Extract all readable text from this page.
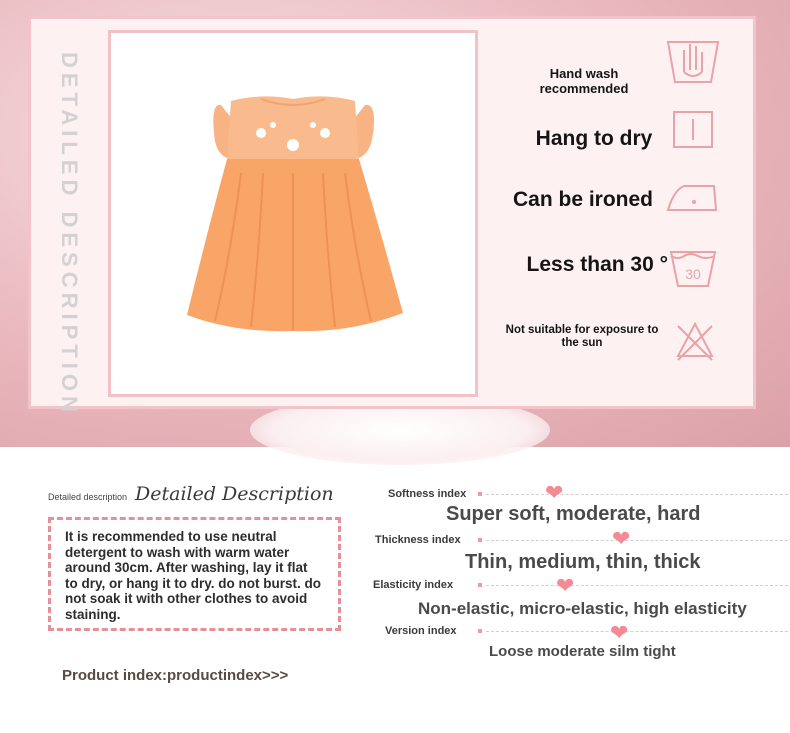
DETAILED DESCRIPTION	Hand wash
recommended
Hang to dry
Can be ironed
Less than 30 ° 30
Not suitable for exposure to
the sun
Detailed description Detailed Description
It is recommended to use neutral detergent to wash with warm water around 30cm. After washing, lay it flat to dry, or hang it to dry. do not burst. do not soak it with other clothes to avoid staining.
Product index:productindex>>>
Softness index	❤
Super soft, moderate, hard
Thickness index	❤
Thin, medium, thin, thick
Elasticity index	❤
Non-elastic, micro-elastic, high elasticity
Version index	❤
Loose moderate silm tight
